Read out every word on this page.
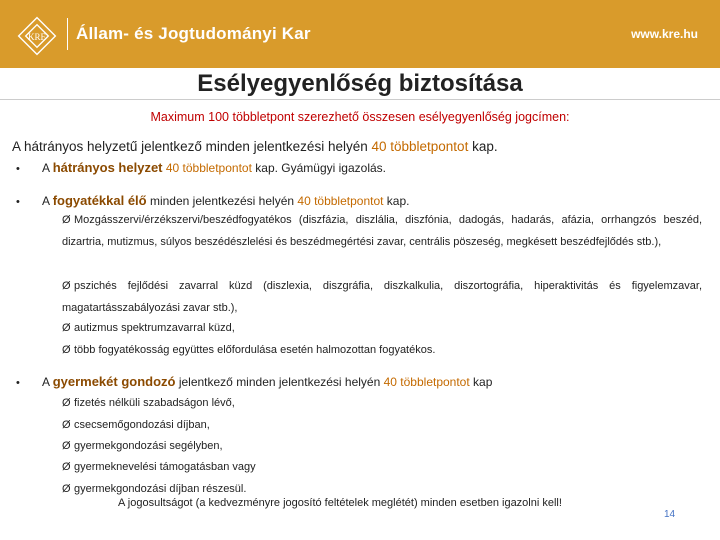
KRE Állam- és Jogtudományi Kar	www.kre.hu
Esélyegyenlőség biztosítása
Maximum 100 többletpont szerezhető összesen esélyegyenlőség jogcímen:
A hátrányos helyzetű jelentkező minden jelentkezési helyén 40 többletpontot kap.
• A hátrányos helyzet 40 többletpontot kap. Gyámügyi igazolás.
• A fogyatékkal élő minden jelentkezési helyén 40 többletpontot kap.
Ø Mozgásszervi/érzékszervi/beszédfogyatékos (diszfázia, diszlália, diszfónia, dadogás, hadarás, afázia, orrhangzós beszéd, dizartria, mutizmus, súlyos beszédészlelési és beszédmegértési zavar, centrális pöszeség, megkésett beszédfejlődés stb.),
Ø pszichés fejlődési zavarral küzd (diszlexia, diszgráfia, diszkalkulia, diszortográfia, hiperaktivitás és figyelemzavar, magatartásszabályozási zavar stb.),
Ø autizmus spektrumzavarral küzd,
Ø több fogyatékosság együttes előfordulása esetén halmozottan fogyatékos.
• A gyermekét gondozó jelentkező minden jelentkezési helyén 40 többletpontot kap
Ø fizetés nélküli szabadságon lévő,
Ø csecsemőgondozási díjban,
Ø gyermekgondozási segélyben,
Ø gyermeknevelési támogatásban vagy
Ø gyermekgondozási díjban részesül.
A jogosultságot (a kedvezményre jogosító feltételek meglétét) minden esetben igazolni kell!
14
